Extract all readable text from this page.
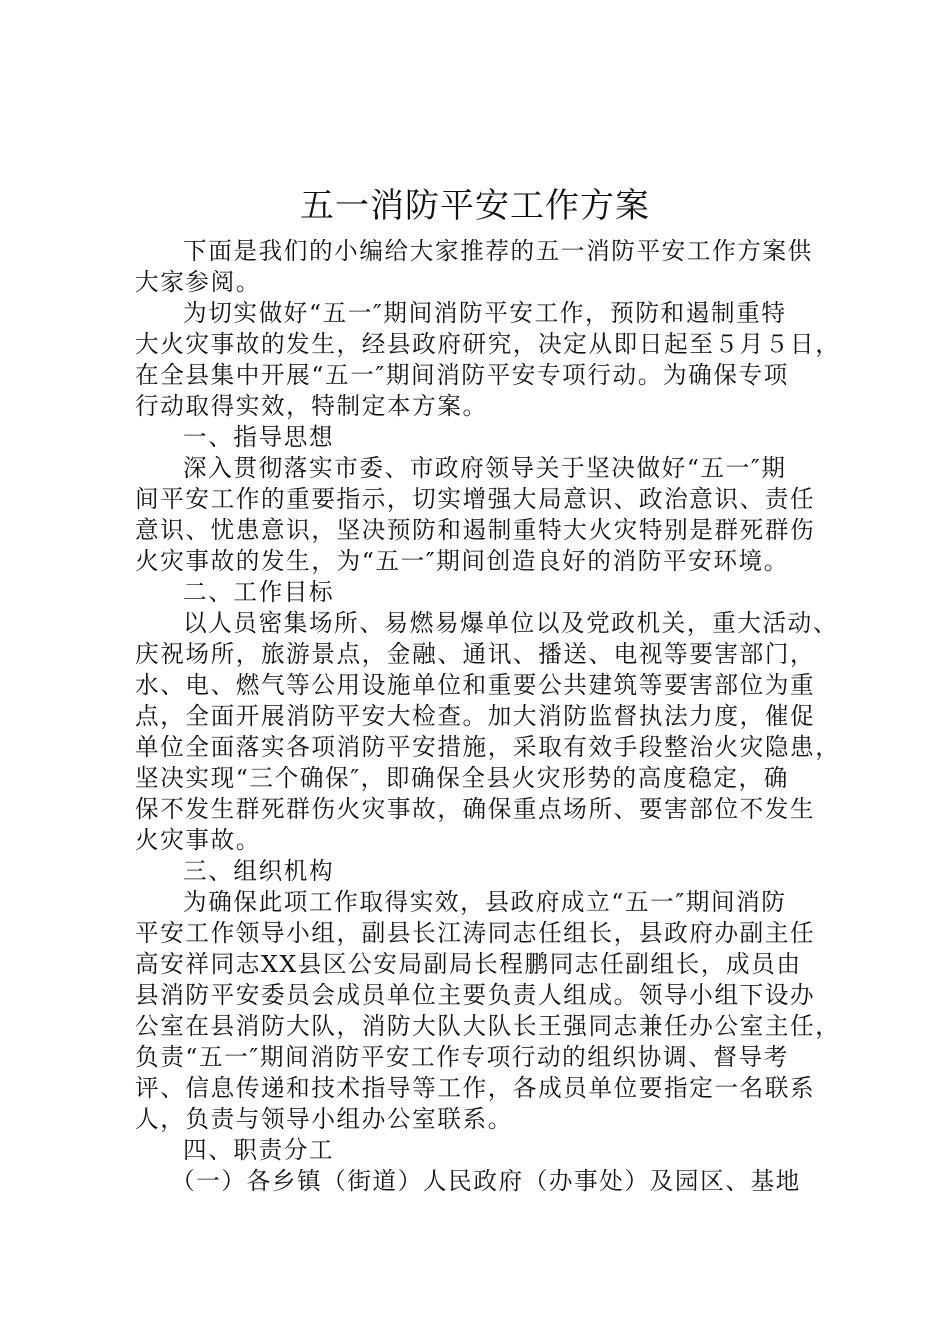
五一消防平安工作方案
下面是我们的小编给大家推荐的五一消防平安工作方案供
大家参阅。
为切实做好“五一″期间消防平安工作，预防和遏制重特
大火灾事故的发生，经县政府研究，决定从即日起至５月５日，
在全县集中开展“五一″期间消防平安专项行动。为确保专项
行动取得实效，特制定本方案。
一、指导思想
深入贯彻落实市委、市政府领导关于坚决做好“五一″期
间平安工作的重要指示，切实增强大局意识、政治意识、责任
意识、忧患意识，坚决预防和遏制重特大火灾特别是群死群伤
火灾事故的发生，为“五一″期间创造良好的消防平安环境。
二、工作目标
以人员密集场所、易燃易爆单位以及党政机关，重大活动、
庆祝场所，旅游景点，金融、通讯、播送、电视等要害部门，
水、电、燃气等公用设施单位和重要公共建筑等要害部位为重
点，全面开展消防平安大检查。加大消防监督执法力度，催促
单位全面落实各项消防平安措施，采取有效手段整治火灾隐患，
坚决实现“三个确保″，即确保全县火灾形势的高度稳定，确
保不发生群死群伤火灾事故，确保重点场所、要害部位不发生
火灾事故。
三、组织机构
为确保此项工作取得实效，县政府成立“五一″期间消防
平安工作领导小组，副县长江涛同志任组长，县政府办副主任
高安祥同志XX县区公安局副局长程鹏同志任副组长，成员由
县消防平安委员会成员单位主要负责人组成。领导小组下设办
公室在县消防大队，消防大队大队长王强同志兼任办公室主任，
负责“五一″期间消防平安工作专项行动的组织协调、督导考
评、信息传递和技术指导等工作，各成员单位要指定一名联系
人，负责与领导小组办公室联系。
四、职责分工
（一）各乡镇（街道）人民政府（办事处）及园区、基地
